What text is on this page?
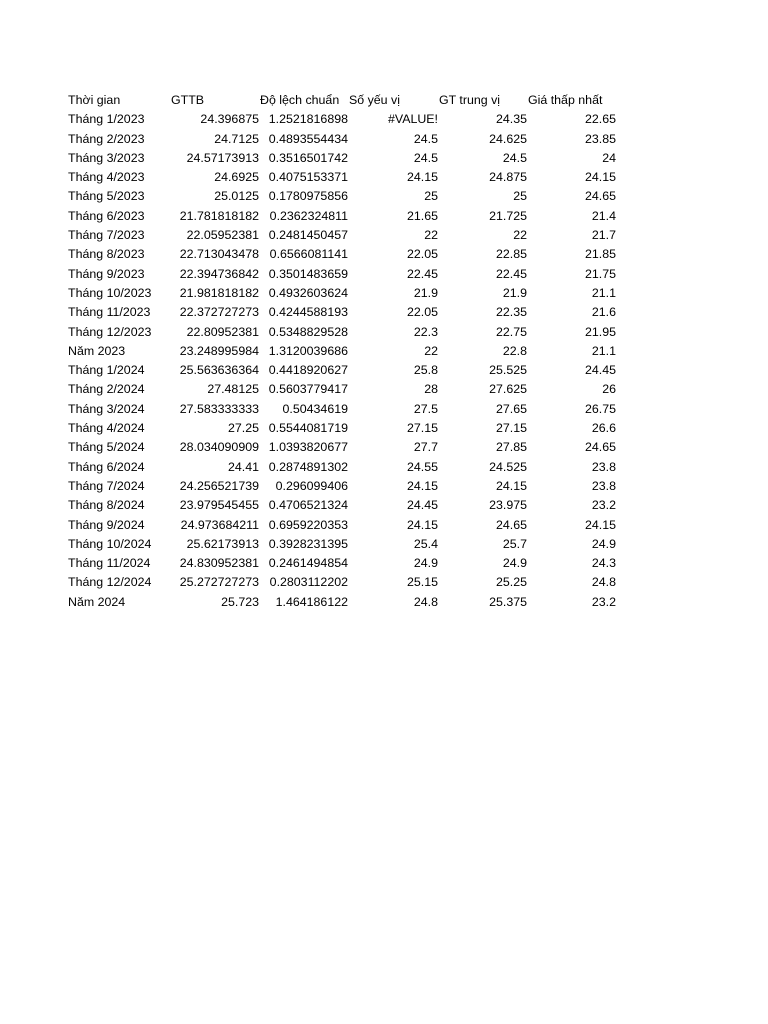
Thời gian	GTTB	Độ lệch chuẩn	Số yếu vị	GT trung vị	Giá thấp nhất
Tháng 1/2023	24.396875	1.2521816898	#VALUE!	24.35	22.65
Tháng 2/2023	24.7125	0.4893554434	24.5	24.625	23.85
Tháng 3/2023	24.57173913	0.3516501742	24.5	24.5	24
Tháng 4/2023	24.6925	0.4075153371	24.15	24.875	24.15
Tháng 5/2023	25.0125	0.1780975856	25	25	24.65
Tháng 6/2023	21.781818182	0.2362324811	21.65	21.725	21.4
Tháng 7/2023	22.05952381	0.2481450457	22	22	21.7
Tháng 8/2023	22.713043478	0.6566081141	22.05	22.85	21.85
Tháng 9/2023	22.394736842	0.3501483659	22.45	22.45	21.75
Tháng 10/2023	21.981818182	0.4932603624	21.9	21.9	21.1
Tháng 11/2023	22.372727273	0.4244588193	22.05	22.35	21.6
Tháng 12/2023	22.80952381	0.5348829528	22.3	22.75	21.95
Năm 2023	23.248995984	1.3120039686	22	22.8	21.1
Tháng 1/2024	25.563636364	0.4418920627	25.8	25.525	24.45
Tháng 2/2024	27.48125	0.5603779417	28	27.625	26
Tháng 3/2024	27.583333333	0.50434619	27.5	27.65	26.75
Tháng 4/2024	27.25	0.5544081719	27.15	27.15	26.6
Tháng 5/2024	28.034090909	1.0393820677	27.7	27.85	24.65
Tháng 6/2024	24.41	0.2874891302	24.55	24.525	23.8
Tháng 7/2024	24.256521739	0.296099406	24.15	24.15	23.8
Tháng 8/2024	23.979545455	0.4706521324	24.45	23.975	23.2
Tháng 9/2024	24.973684211	0.6959220353	24.15	24.65	24.15
Tháng 10/2024	25.62173913	0.3928231395	25.4	25.7	24.9
Tháng 11/2024	24.830952381	0.2461494854	24.9	24.9	24.3
Tháng 12/2024	25.272727273	0.2803112202	25.15	25.25	24.8
Năm 2024	25.723	1.464186122	24.8	25.375	23.2
